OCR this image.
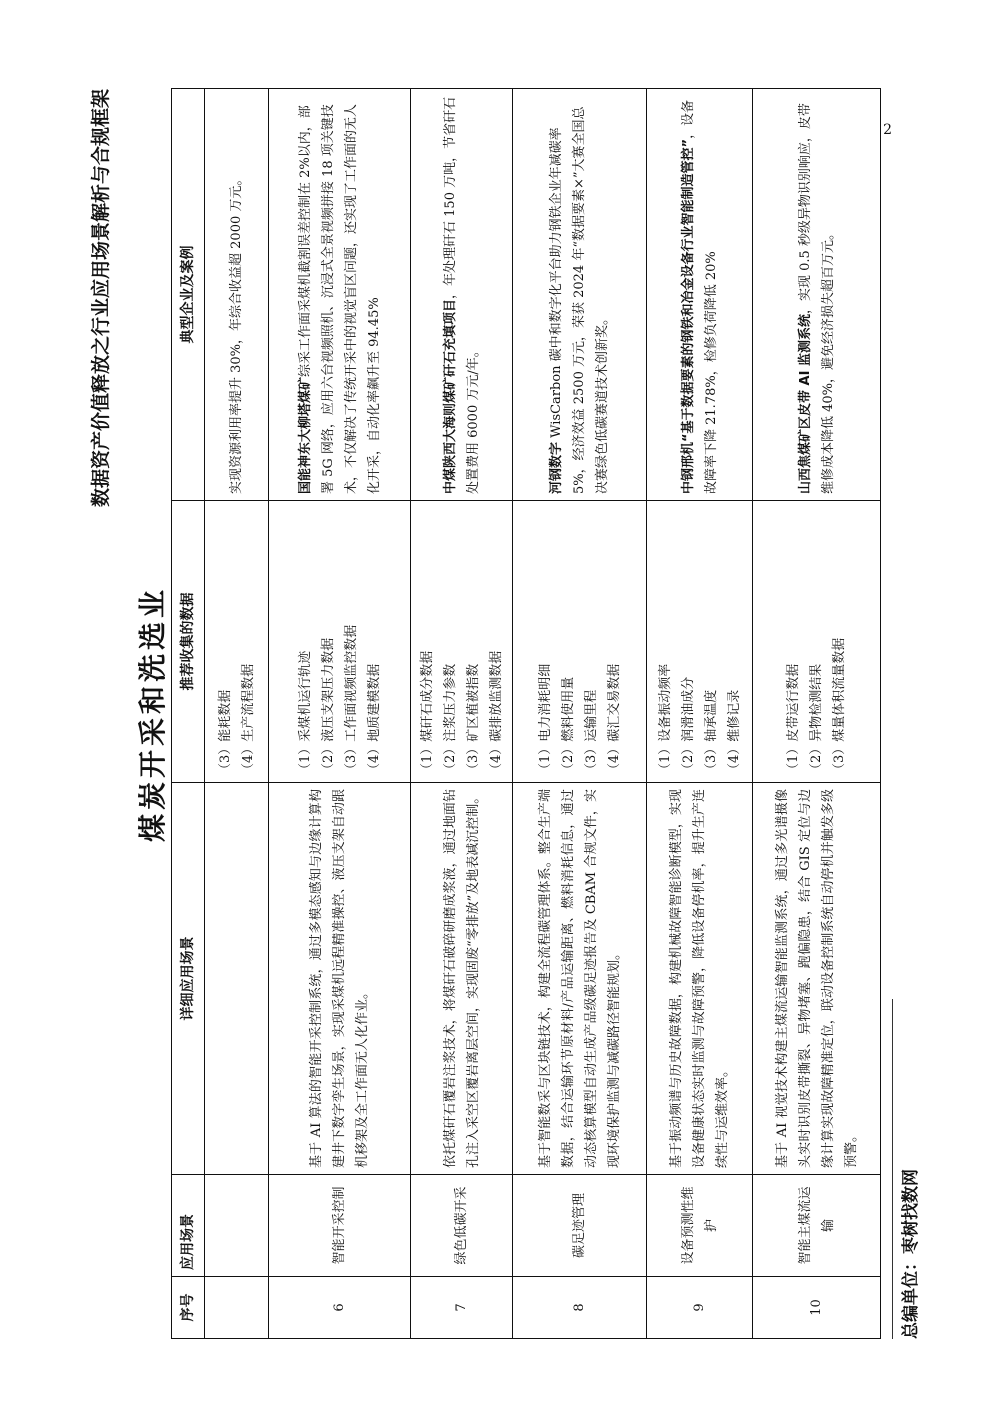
2
数据资产价值释放之行业应用场景解析与合规框架
煤炭开采和洗选业
序号	应用场景	详细应用场景	推荐收集的数据	典型企业及案例

			（3）能耗数据 （4）生产流程数据	实现资源利用率提升 30%，年综合收益超 2000 万元。
6	智能开采控制	基于 AI 算法的智能开采控制系统，通过多模态感知与边缘计算构建井下数字孪生场景，实现采煤机远程精准操控、液压支架自动跟机移架及全工作面无人化作业。	（1）采煤机运行轨迹 （2）液压支架压力数据 （3）工作面视频监控数据 （4）地质建模数据	国能神东大柳塔煤矿综采工作面采煤机截割误差控制在 2%以内，部署 5G 网络，应用六台视频照机、沉浸式全景视频拼接 18 项关键技术，不仅解决了传统开采中的视觉盲区问题，还实现了工作面的无人化开采，自动化率飙升至 94.45%
7	绿色低碳开采	依托煤矸石覆岩注浆技术，将煤矸石破碎研磨成浆液，通过地面钻孔注入采空区覆岩离层空间，实现固废“零排放”及地表减沉控制。	（1）煤矸石成分数据 （2）注浆压力参数 （3）矿区植被指数 （4）碳排放监测数据	中煤陕西大海则煤矿矸石充填项目，年处理矸石 150 万吨，节省矸石处置费用 6000 万元/年。
8	碳足迹管理	基于智能数采与区块链技术，构建全流程碳管理体系。整合生产端数据，结合运输环节原材料/产品运输距离、燃料消耗信息，通过动态核算模型自动生成产品级碳足迹报告及 CBAM 合规文件，实现环境保护监测与减碳路径智能规划。	（1）电力消耗明细 （2）燃料使用量 （3）运输里程 （4）碳汇交易数据	河钢数字 WisCarbon 碳中和数字化平台助力钢铁企业年减碳率 5%，经济效益 2500 万元，荣获 2024 年“数据要素×”大赛全国总决赛绿色低碳赛道技术创新奖。
9	设备预测性维护	基于振动频谱与历史故障数据，构建机械故障智能诊断模型，实现设备健康状态实时监测与故障预警，降低设备停机率，提升生产连续性与运维效率。	（1）设备振动频率 （2）润滑油成分 （3）轴承温度 （4）维修记录	中钢邢机“基于数据要素的钢铁和冶金设备行业智能制造管控”，设备故障率下降 21.78%，检修负荷降低 20%
10	智能主煤流运输	基于 AI 视觉技术构建主煤流运输智能监测系统，通过多光谱摄像头实时识别皮带撕裂、异物堵塞、跑偏隐患，结合 GIS 定位与边缘计算实现故障精准定位，联动设备控制系统自动停机并触发多级预警。	（1）皮带运行数据 （2）异物检测结果 （3）煤量体积流量数据	山西焦煤矿区皮带 AI 监测系统，实现 0.5 秒级异物识别响应，皮带维修成本降低 40%，避免经济损失超百万元。
总编单位：枣树找数网
